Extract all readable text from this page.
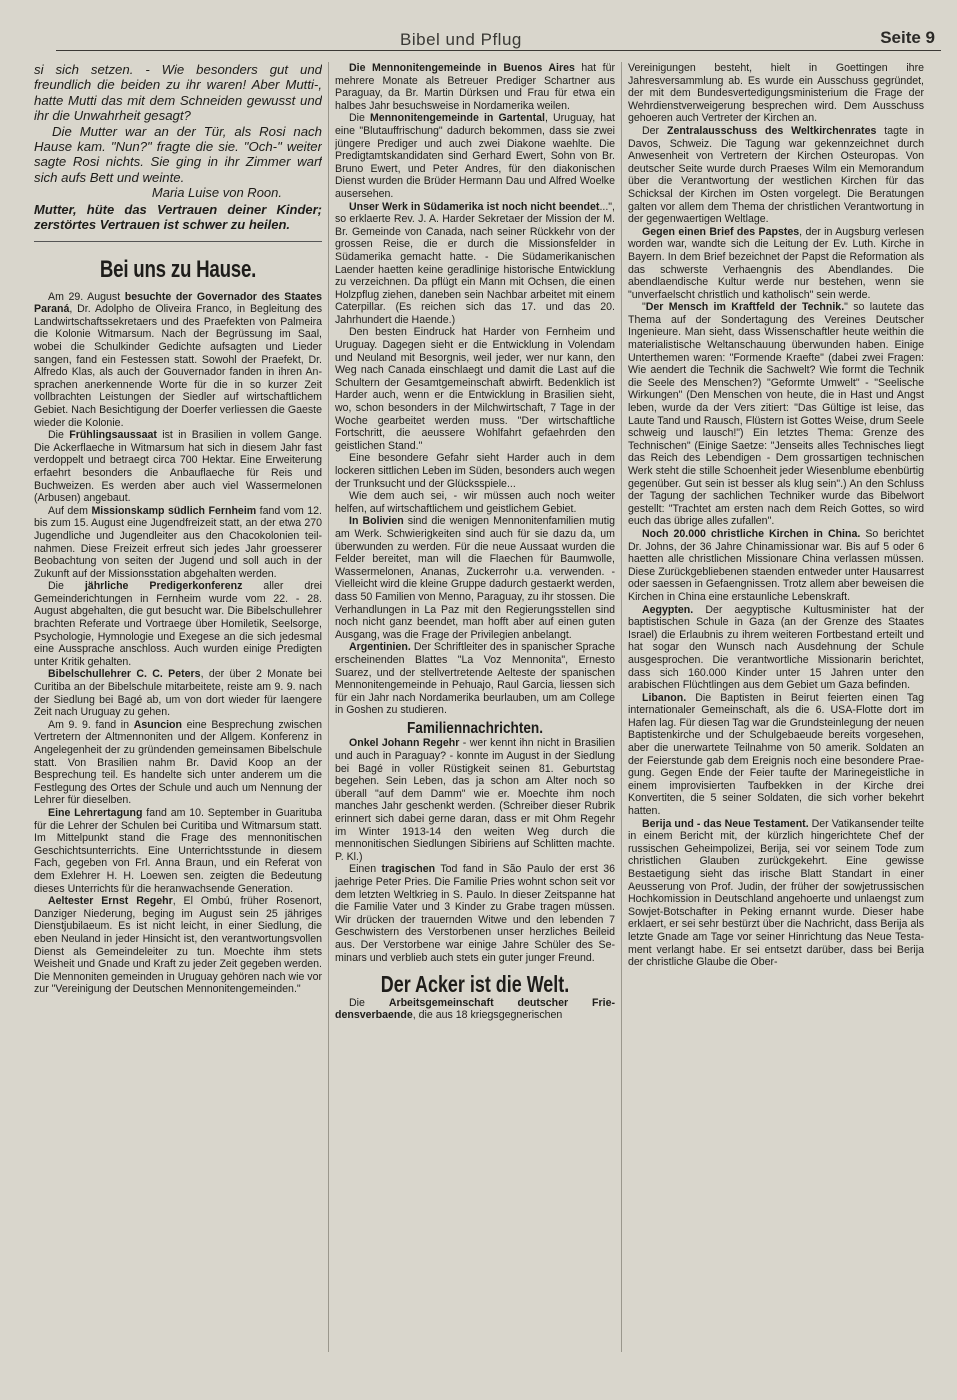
Bibel und Pflug	Seite 9

si sich setzen. - Wie besonders gut und freundlich die beiden zu ihr waren! Aber Mutti-, hatte Mutti das mit dem Schneiden gewusst und ihr die Unwahrheit gesagt?

Die Mutter war an der Tür, als Rosi nach Hause kam. "Nun?" fragte die sie. "Och-" weiter sagte Rosi nichts. Sie ging in ihr Zimmer warf sich aufs Bett und weinte.

Maria Luise von Roon.
Mutter, hüte das Vertrauen deiner Kinder; zerstörtes Vertrauen ist schwer zu heilen.
Bei uns zu Hause.

Am 29. August besuchte der Governador des Staates Paraná, Dr. Adolpho de Oliveira Franco, in Begleitung des Landwirtschaftssekretaers und des Praefekten von Palmeira die Kolonie Witmarsum. Nach der Begrüssung im Saal, wobei die Schulkinder Gedichte aufsagten und Lieder sangen, fand ein Festessen statt. Sowohl der Praefekt, Dr. Alfredo Klas, als auch der Gouvernador fanden in ihren Ansprachen anerkennende Worte für die in so kurzer Zeit vollbrachten Leistungen der Siedler auf wirtschaftlichem Gebiet. Nach Besichtigung der Doerfer verliessen die Gaeste wieder die Kolonie.

Die Frühlingsaussaat ist in Brasilien in vollem Gange. Die Ackerflaeche in Witmarsum hat sich in diesem Jahr fast verdoppelt und betraegt circa 700 Hektar. Eine Erweiterung erfaehrt besonders die Anbauflaeche für Reis und Buchweizen. Es werden aber auch viel Wassermelonen (Arbusen) angebaut.

Auf dem Missionskamp südlich Fernheim fand vom 12. bis zum 15. August eine Jugendfreizeit statt, an der etwa 270 Jugendliche und Jugendleiter aus den Chacokolonien teilnahmen. Diese Freizeit erfreut sich jedes Jahr groesserer Beobachtung von seiten der Jugend und soll auch in der Zukunft auf der Missionsstation abgehalten werden.

Die jährliche Predigerkonferenz aller drei Gemeinderichtungen in Fernheim wurde vom 22. - 28. August abgehalten, die gut besucht war. Die Bibelschullehrer brachten Referate und Vortraege über Homiletik, Seelsorge, Psychologie, Hymnologie und Exegese an die sich jedesmal eine Aussprache anschloss. Auch wurden einige Predigten unter Kritik gehalten.

Bibelschullehrer C. C. Peters, der über 2 Monate bei Curitiba an der Bibelschule mitarbeitete, reiste am 9. 9. nach der Siedlung bei Bagé ab, um von dort wieder für laengere Zeit nach Uruguay zu gehen.

Am 9. 9. fand in Asuncion eine Besprechung zwischen Vertretern der Altmennoniten und der Allgem. Konferenz in Angelegenheit der zu gründenden gemeinsamen Bibelschule statt. Von Brasilien nahm Br. David Koop an der Besprechung teil. Es handelte sich unter anderem um die Festlegung des Ortes der Schule und auch um Nennung der Lehrer für dieselben.

Eine Lehrertagung fand am 10. September in Guarituba für die Lehrer der Schulen bei Curitiba und Witmarsum statt. Im Mittelpunkt stand die Frage des mennonitischen Geschichtsunterrichts. Eine Unterrichtsstunde in diesem Fach, gegeben von Frl. Anna Braun, und ein Referat von dem Exlehrer H. H. Loewen sen. zeigten die Bedeutung dieses Unterrichts für die heranwachsende Generation.

Aeltester Ernst Regehr, El Ombú, früher Rosenort, Danziger Niederung, beging im August sein 25 jähriges Dienstjubilaeum. Es ist nicht leicht, in einer Siedlung, die eben Neuland in jeder Hinsicht ist, den verantwortungsvollen Dienst als Gemeindeleiter zu tun. Moechte ihm stets Weisheit und Gnade und Kraft zu jeder Zeit gegeben werden. Die Mennoniten gemeinden in Uruguay gehören nach wie vor zur "Vereinigung der Deutschen Mennonitengemeinden."

Die Mennonitengemeinde in Buenos Aires hat für mehrere Monate als Betreuer Prediger Schartner aus Paraguay, da Br. Martin Dürksen und Frau für etwa ein halbes Jahr besuchsweise in Nordamerika weilen.

Die Mennonitengemeinde in Gartental, Uruguay, hat eine "Blutauffrischung" dadurch bekommen, dass sie zwei jüngere Prediger und auch zwei Diakone waehlte. Die Predigtamtskandidaten sind Gerhard Ewert, Sohn von Br. Bruno Ewert, und Peter Andres, für den diakonischen Dienst wurden die Brüder Hermann Dau und Alfred Woelke ausersehen.

Unser Werk in Südamerika ist noch nicht beendet...", so erklaerte Rev. J. A. Harder Sekretaer der Mission der M. Br. Gemeinde von Canada, nach seiner Rückkehr von der grossen Reise, die er durch die Missionsfelder in Südamerika gemacht hatte. - Die Südamerikanischen Laender haetten keine geradlinige historische Entwicklung zu verzeichnen. Da pflügt ein Mann mit Ochsen, die einen Holzpflug ziehen, daneben sein Nachbar arbeitet mit einem Caterpillar. (Es reichen sich das 17. und das 20. Jahrhundert die Haende.)

Den besten Eindruck hat Harder von Fernheim und Uruguay. Dagegen sieht er die Entwicklung in Volendam und Neuland mit Besorgnis, weil jeder, wer nur kann, den Weg nach Canada einschlaegt und damit die Last auf die Schultern der Gesamtgemeinschaft abwirft. Bedenklich ist Harder auch, wenn er die Entwicklung in Brasilien sieht, wo, schon besonders in der Milchwirtschaft, 7 Tage in der Woche gearbeitet werden muss. "Der wirtschaftliche Fortschritt, die aeussere Wohlfahrt gefaehrden den geistlichen Stand."

Eine besondere Gefahr sieht Harder auch in dem lockeren sittlichen Leben im Süden, besonders auch wegen der Trunksucht und der Glücksspiele...

Wie dem auch sei, - wir müssen auch noch weiter helfen, auf wirtschaftlichem und geistlichem Gebiet.

In Bolivien sind die wenigen Mennonitenfamilien mutig am Werk. Schwierigkeiten sind auch für sie dazu da, um überwunden zu werden. Für die neue Aussaat wurden die Felder bereitet, man will die Flaechen für Baumwolle, Wassermelonen, Ananas, Zuckerrohr u.a. verwenden. - Vielleicht wird die kleine Gruppe dadurch gestaerkt werden, dass 50 Familien von Menno, Paraguay, zu ihr stossen. Die Verhandlungen in La Paz mit den Regierungsstellen sind noch nicht ganz beendet, man hofft aber auf einen guten Ausgang, was die Frage der Privilegien anbelangt.

Argentinien. Der Schriftleiter des in spanischer Sprache erscheinenden Blattes "La Voz Mennonita", Ernesto Suarez, und der stellvertretende Aelteste der spanischen Mennonitengemeinde in Pehuajo, Raul Garcia, liessen sich für ein Jahr nach Nordamerika beurlauben, um am College in Goshen zu studieren.

Familiennachrichten.

Onkel Johann Regehr - wer kennt ihn nicht in Brasilien und auch in Paraguay? - konnte im August in der Siedlung bei Bagé in voller Rüstigkeit seinen 81. Geburtstag begehen. Sein Leben, das ja schon am Alter noch so überall "auf dem Damm" wie er. Moechte ihm noch manches Jahr geschenkt werden. (Schreiber dieser Rubrik erinnert sich dabei gerne daran, dass er mit Ohm Regehr im Winter 1913-14 den weiten Weg durch die mennonitischen Siedlungen Sibiriens auf Schlitten machte. P. Kl.)

Einen tragischen Tod fand in São Paulo der erst 36 jaehrige Peter Pries. Die Familie Pries wohnt schon seit vor dem letzten Weltkrieg in S. Paulo. In dieser Zeitspanne hat die Familie Vater und 3 Kinder zu Grabe tragen müssen. Wir drücken der trauernden Witwe und den lebenden 7 Geschwistern des Verstorbenen unser herzliches Beileid aus. Der Verstorbene war einige Jahre Schüler des Seminars und verblieb auch stets ein guter junger Freund.

Der Acker ist die Welt.

Die Arbeitsgemeinschaft deutscher Friedensverbaende, die aus 18 kriegsgegnerischen

Vereinigungen besteht, hielt in Goettingen ihre Jahresversammlung ab. Es wurde ein Ausschuss gegründet, der mit dem Bundesvertedigungsministerium die Frage der Wehrdienstverweigerung besprechen wird. Dem Ausschuss gehoeren auch Vertreter der Kirchen an.

Der Zentralausschuss des Weltkirchenrates tagte in Davos, Schweiz. Die Tagung war gekennzeichnet durch Anwesenheit von Vertretern der Kirchen Osteuropas. Von deutscher Seite wurde durch Praeses Wilm ein Memorandum über die Verantwortung der westlichen Kirchen für das Schicksal der Kirchen im Osten vorgelegt. Die Beratungen galten vor allem dem Thema der christlichen Verantwortung in der gegenwaertigen Weltlage.

Gegen einen Brief des Papstes, der in Augsburg verlesen worden war, wandte sich die Leitung der Ev. Luth. Kirche in Bayern. In dem Brief bezeichnet der Papst die Reformation als das schwerste Verhaengnis des Abendlandes. Die abendlaendische Kultur werde nur bestehen, wenn sie "unverfaelscht christlich und katholisch" sein werde.

"Der Mensch im Kraftfeld der Technik." so lautete das Thema auf der Sondertagung des Vereines Deutscher Ingenieure. Man sieht, dass Wissenschaftler heute weithin die materialistische Weltanschauung überwunden haben. Einige Unterthemen waren: "Formende Kraefte" (dabei zwei Fragen: Wie aendert die Technik die Sachwelt? Wie formt die Technik die Seele des Menschen?) "Geformte Umwelt" - "Seelische Wirkungen" (Den Menschen von heute, die in Hast und Angst leben, wurde da der Vers zitiert: "Das Gültige ist leise, das Laute Tand und Rausch, Flüstern ist Gottes Weise, drum Seele schweig und lausch!") Ein letztes Thema: Grenze des Technischen" (Einige Saetze: "Jenseits alles Technisches liegt das Reich des Lebendigen - Dem grossartigen technischen Werk steht die stille Schoenheit jeder Wiesenblume ebenbürtig gegenüber. Gut sein ist besser als klug sein".) An den Schluss der Tagung der sachlichen Techniker wurde das Bibelwort gestellt: "Trachtet am ersten nach dem Reich Gottes, so wird euch das übrige alles zufallen".

Noch 20.000 christliche Kirchen in China. So berichtet Dr. Johns, der 36 Jahre Chinamissionar war. Bis auf 5 oder 6 haetten alle christlichen Missionare China verlassen müssen. Diese Zurückgebliebenen staenden entweder unter Hausarrest oder saessen in Gefaengnissen. Trotz allem aber beweisen die Kirchen in China eine erstaunliche Lebenskraft.

Aegypten. Der aegyptische Kultusminister hat der baptistischen Schule in Gaza (an der Grenze des Staates Israel) die Erlaubnis zu ihrem weiteren Fortbestand erteilt und hat sogar den Wunsch nach Ausdehnung der Schule ausgesprochen. Die verantwortliche Missionarin berichtet, dass sich 160.000 Kinder unter 15 Jahren unter den arabischen Flüchtlingen aus dem Gebiet um Gaza befinden.

Libanon. Die Baptisten in Beirut feierten einen Tag internationaler Gemeinschaft, als die 6. USA-Flotte dort im Hafen lag. Für diesen Tag war die Grundsteinlegung der neuen Baptistenkirche und der Schulgebaeude bereits vorgesehen, aber die unerwartete Teilnahme von 50 amerik. Soldaten an der Feierstunde gab dem Ereignis noch eine besondere Praegung. Gegen Ende der Feier taufte der Marinegeistliche in einem improvisierten Taufbekken in der Kirche drei Konvertiten, die 5 seiner Soldaten, die sich vorher bekehrt hatten.

Berija und - das Neue Testament. Der Vatikansender teilte in einem Bericht mit, der kürzlich hingerichtete Chef der russischen Geheimpolizei, Berija, sei vor seinem Tode zum christlichen Glauben zurückgekehrt. Eine gewisse Bestaetigung sieht das irische Blatt Standart in einer Aeusserung von Prof. Judin, der früher der sowjetrussischen Hochkomission in Deutschland angehoerte und unlaengst zum Sowjet-Botschafter in Peking ernannt wurde. Dieser habe erklaert, er sei sehr bestürzt über die Nachricht, dass Berija als letzte Gnade am Tage vor seiner Hinrichtung das Neue Testament verlangt habe. Er sei entsetzt darüber, dass bei Berija der christliche Glaube die Ober-
